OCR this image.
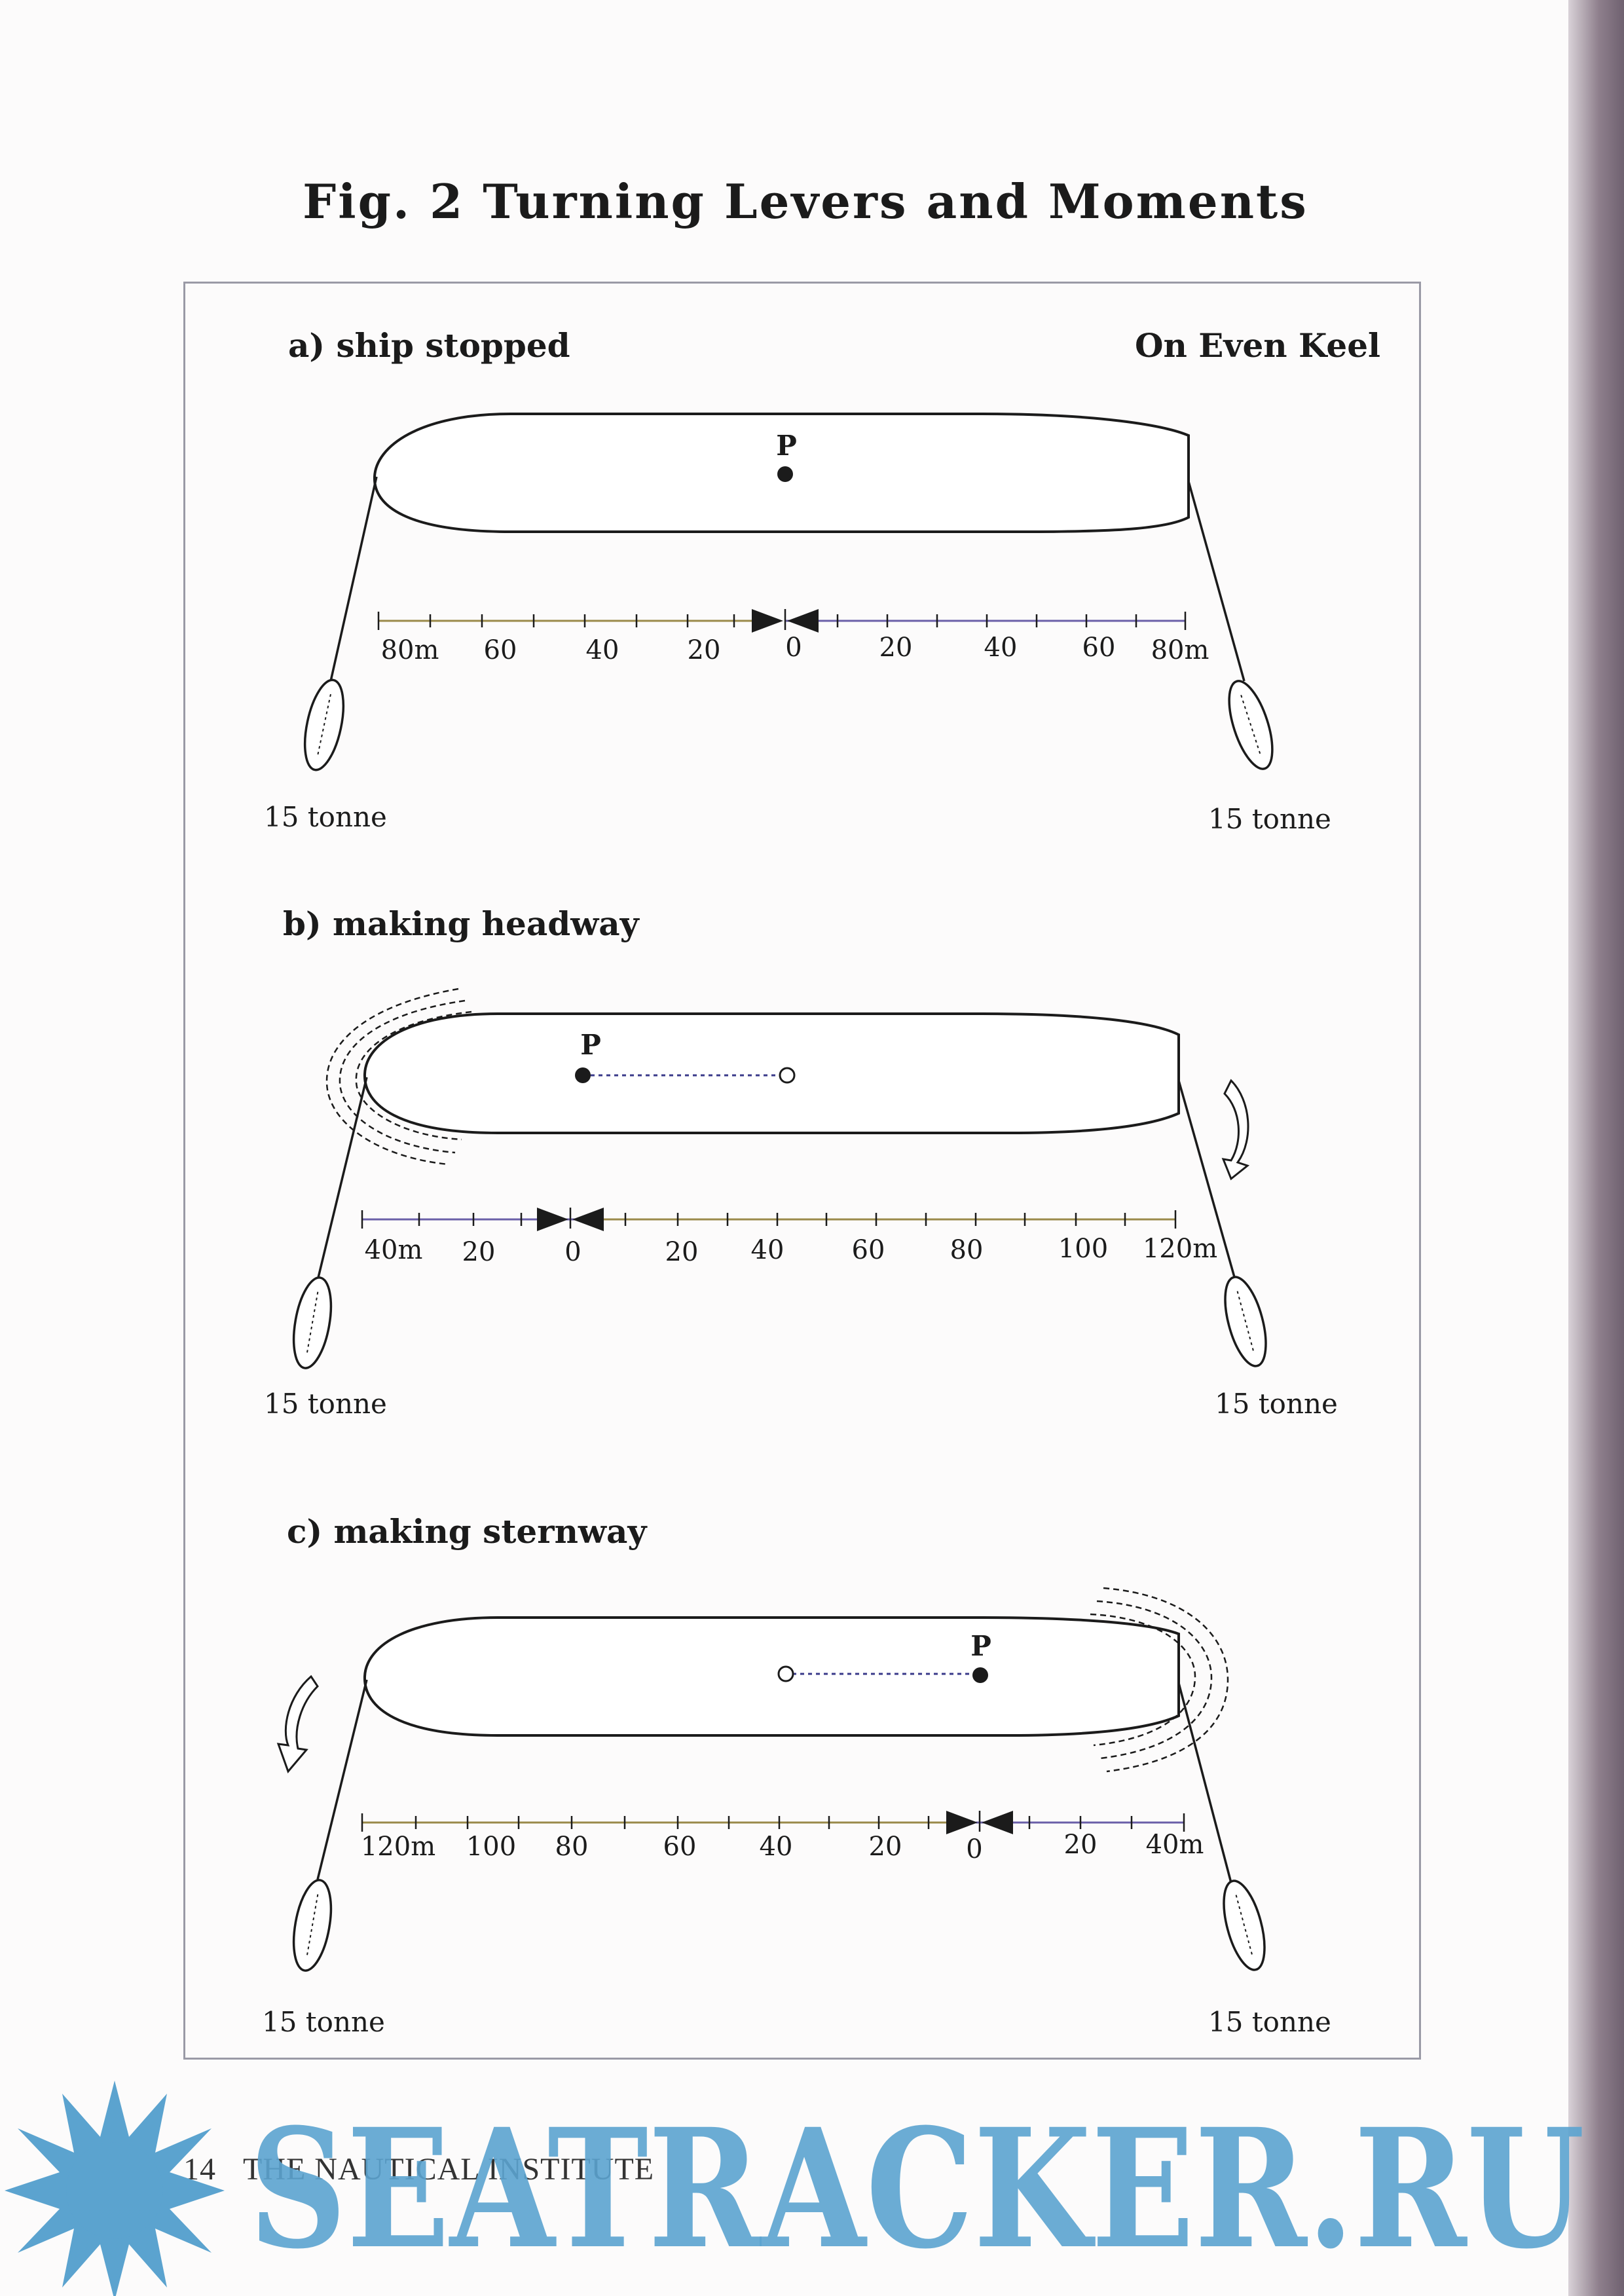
Fig. 2 Turning Levers and Moments
a) ship stopped	On Even Keel
P
15 tonne	15 tonne
80m 60	40	20 0	20	40 60 80m
b) making headway
P
15 tonne	15 tonne
40m 20	0	20 40	60 80	100 120m
c) making sternway
P
15 tonne	15 tonne
120m 100 80	60 40	20 0	20 40m
14 THE NAUTICAL INSTITUTE
SEATRACKER.RU
